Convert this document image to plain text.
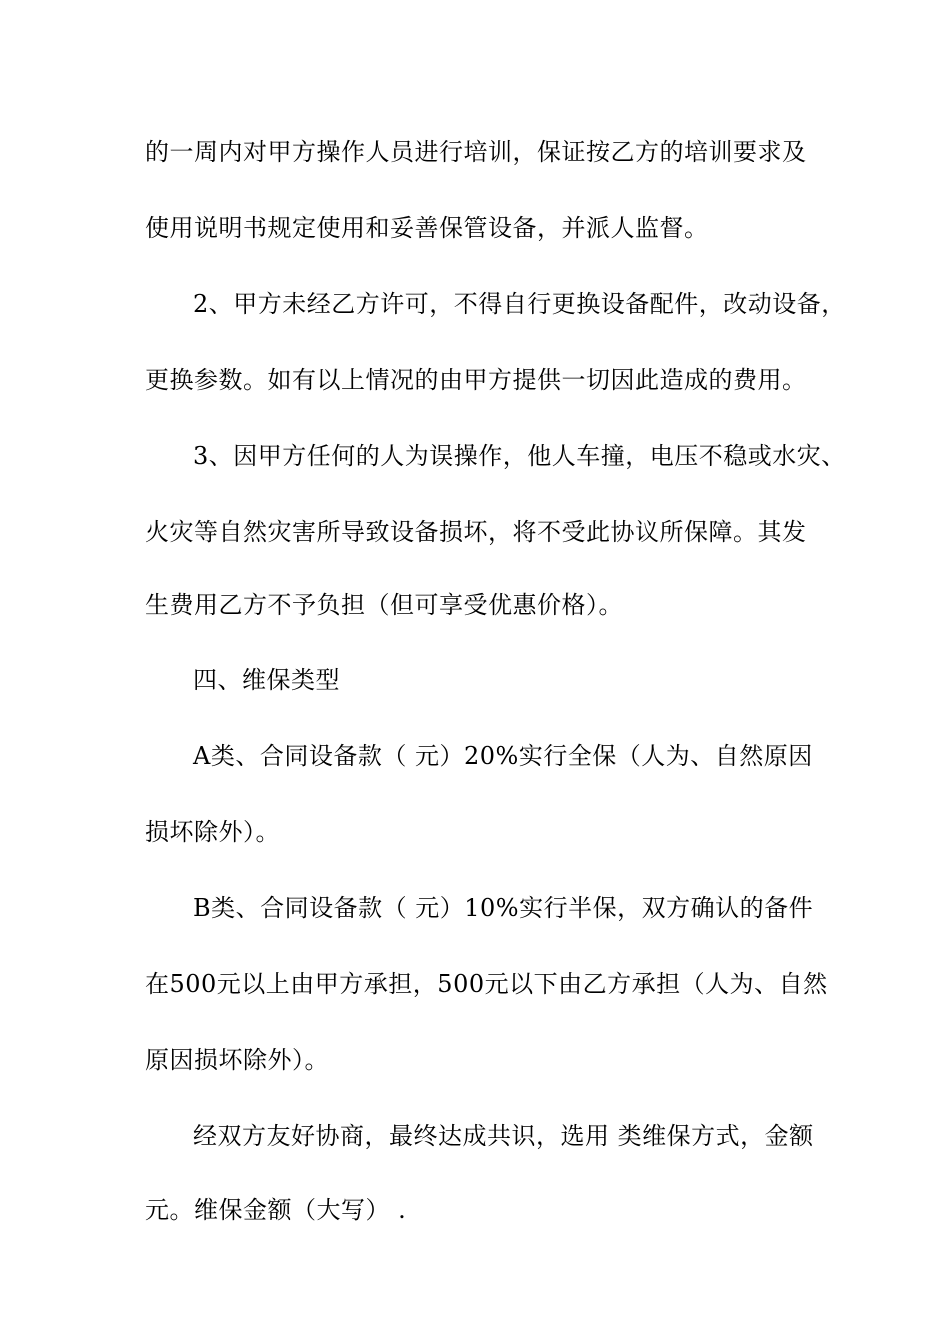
的一周内对甲方操作人员进行培训，保证按乙方的培训要求及
使用说明书规定使用和妥善保管设备，并派人监督。
2、甲方未经乙方许可，不得自行更换设备配件，改动设备，
更换参数。如有以上情况的由甲方提供一切因此造成的费用。
3、因甲方任何的人为误操作，他人车撞，电压不稳或水灾、
火灾等自然灾害所导致设备损坏，将不受此协议所保障。其发
生费用乙方不予负担（但可享受优惠价格）。
四、维保类型
A类、合同设备款（ 元）20%实行全保（人为、自然原因
损坏除外）。
B类、合同设备款（ 元）10%实行半保，双方确认的备件
在500元以上由甲方承担，500元以下由乙方承担（人为、自然
原因损坏除外）。
经双方友好协商，最终达成共识，选用 类维保方式，金额
元。维保金额（大写） .
